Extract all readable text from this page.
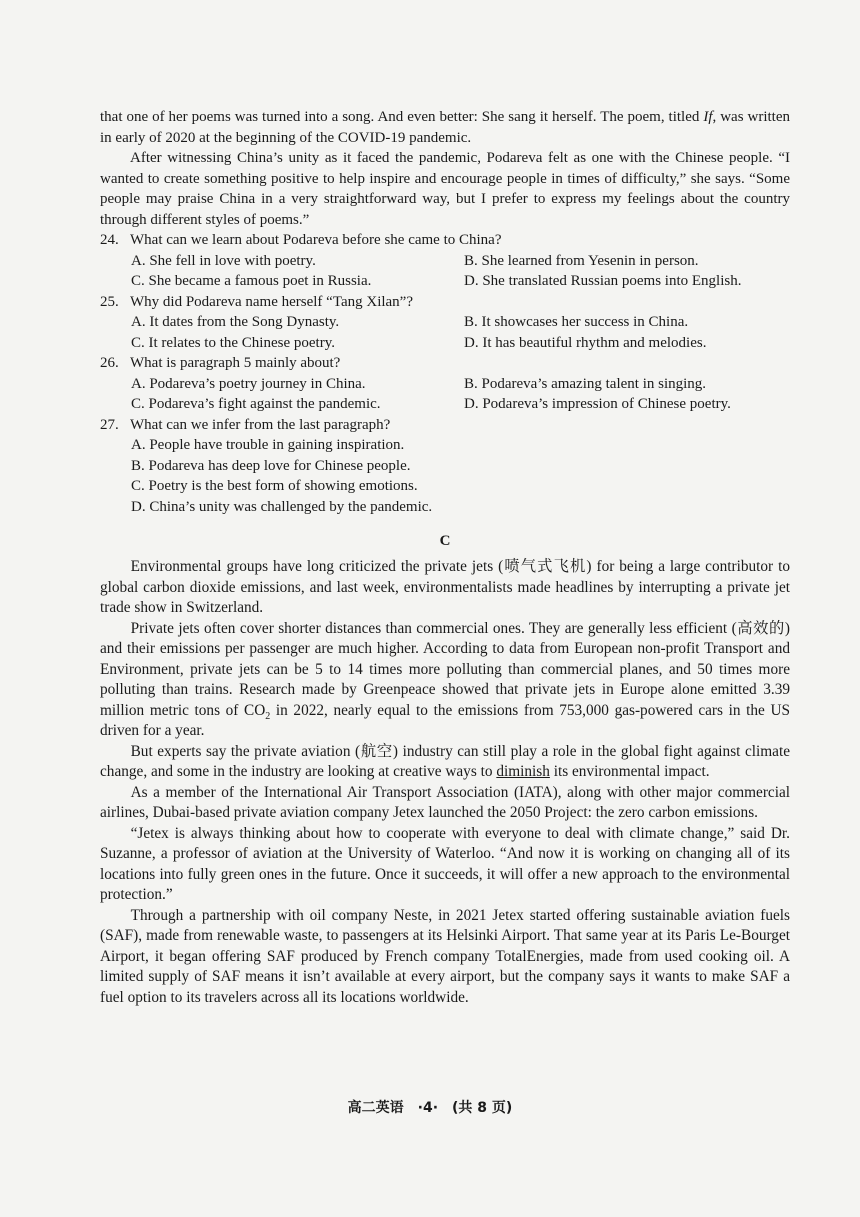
that one of her poems was turned into a song. And even better: She sang it herself. The poem, titled If, was written in early of 2020 at the beginning of the COVID-19 pandemic.

After witnessing China’s unity as it faced the pandemic, Podareva felt as one with the Chinese people. “I wanted to create something positive to help inspire and encourage people in times of difficulty,” she says. “Some people may praise China in a very straightforward way, but I prefer to express my feelings about the country through different styles of poems.”

24. What can we learn about Podareva before she came to China?
A. She fell in love with poetry.	B. She learned from Yesenin in person.
C. She became a famous poet in Russia.	D. She translated Russian poems into English.
25. Why did Podareva name herself “Tang Xilan”?
A. It dates from the Song Dynasty.	B. It showcases her success in China.
C. It relates to the Chinese poetry.	D. It has beautiful rhythm and melodies.
26. What is paragraph 5 mainly about?
A. Podareva’s poetry journey in China.	B. Podareva’s amazing talent in singing.
C. Podareva’s fight against the pandemic.	D. Podareva’s impression of Chinese poetry.
27. What can we infer from the last paragraph?
A. People have trouble in gaining inspiration.
B. Podareva has deep love for Chinese people.
C. Poetry is the best form of showing emotions.
D. China’s unity was challenged by the pandemic.
C

Environmental groups have long criticized the private jets (喷气式飞机) for being a large contributor to global carbon dioxide emissions, and last week, environmentalists made headlines by interrupting a private jet trade show in Switzerland.

Private jets often cover shorter distances than commercial ones. They are generally less efficient (高效的) and their emissions per passenger are much higher. According to data from European non-profit Transport and Environment, private jets can be 5 to 14 times more polluting than commercial planes, and 50 times more polluting than trains. Research made by Greenpeace showed that private jets in Europe alone emitted 3.39 million metric tons of $CO_2$ in 2022, nearly equal to the emissions from 753,000 gas-powered cars in the US driven for a year.

But experts say the private aviation (航空) industry can still play a role in the global fight against climate change, and some in the industry are looking at creative ways to diminish its environmental impact.

As a member of the International Air Transport Association (IATA), along with other major commercial airlines, Dubai-based private aviation company Jetex launched the 2050 Project: the zero carbon emissions.

“Jetex is always thinking about how to cooperate with everyone to deal with climate change,” said Dr. Suzanne, a professor of aviation at the University of Waterloo. “And now it is working on changing all of its locations into fully green ones in the future. Once it succeeds, it will offer a new approach to the environmental protection.”

Through a partnership with oil company Neste, in 2021 Jetex started offering sustainable aviation fuels (SAF), made from renewable waste, to passengers at its Helsinki Airport. That same year at its Paris Le-Bourget Airport, it began offering SAF produced by French company TotalEnergies, made from used cooking oil. A limited supply of SAF means it isn’t available at every airport, but the company says it wants to make SAF a fuel option to its travelers across all its locations worldwide.

高二英语　·4·　(共 8 页)
